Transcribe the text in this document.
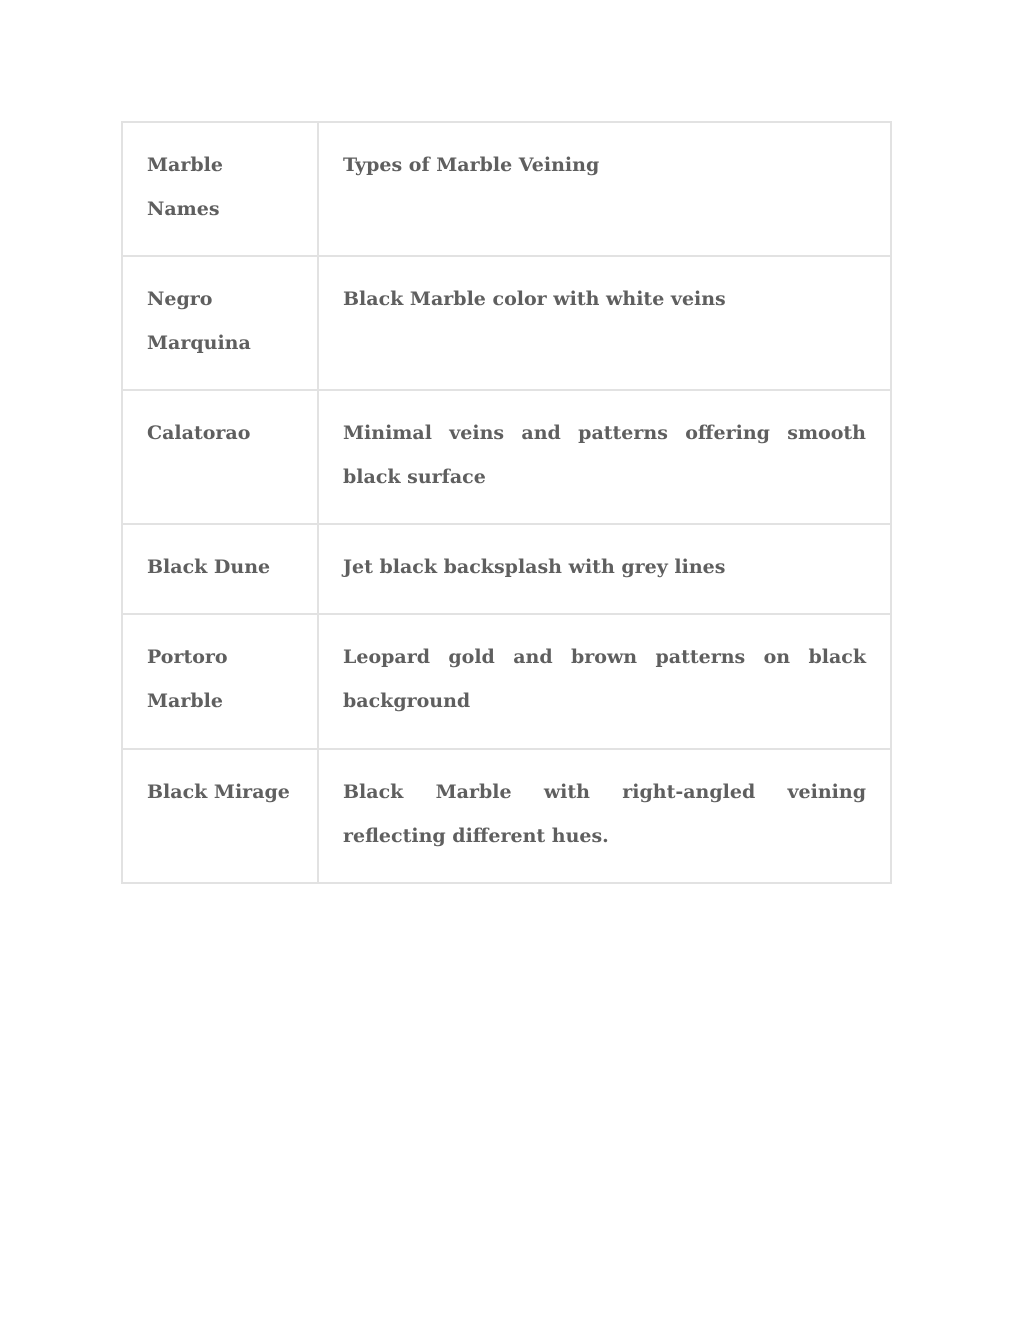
Marble Names	Types of Marble Veining
Negro Marquina	Black Marble color with white veins
Calatorao	Minimal veins and patterns offering smooth black surface
Black Dune	Jet black backsplash with grey lines
Portoro Marble	Leopard gold and brown patterns on black background
Black Mirage	Black Marble with right-angled veining reflecting different hues.
